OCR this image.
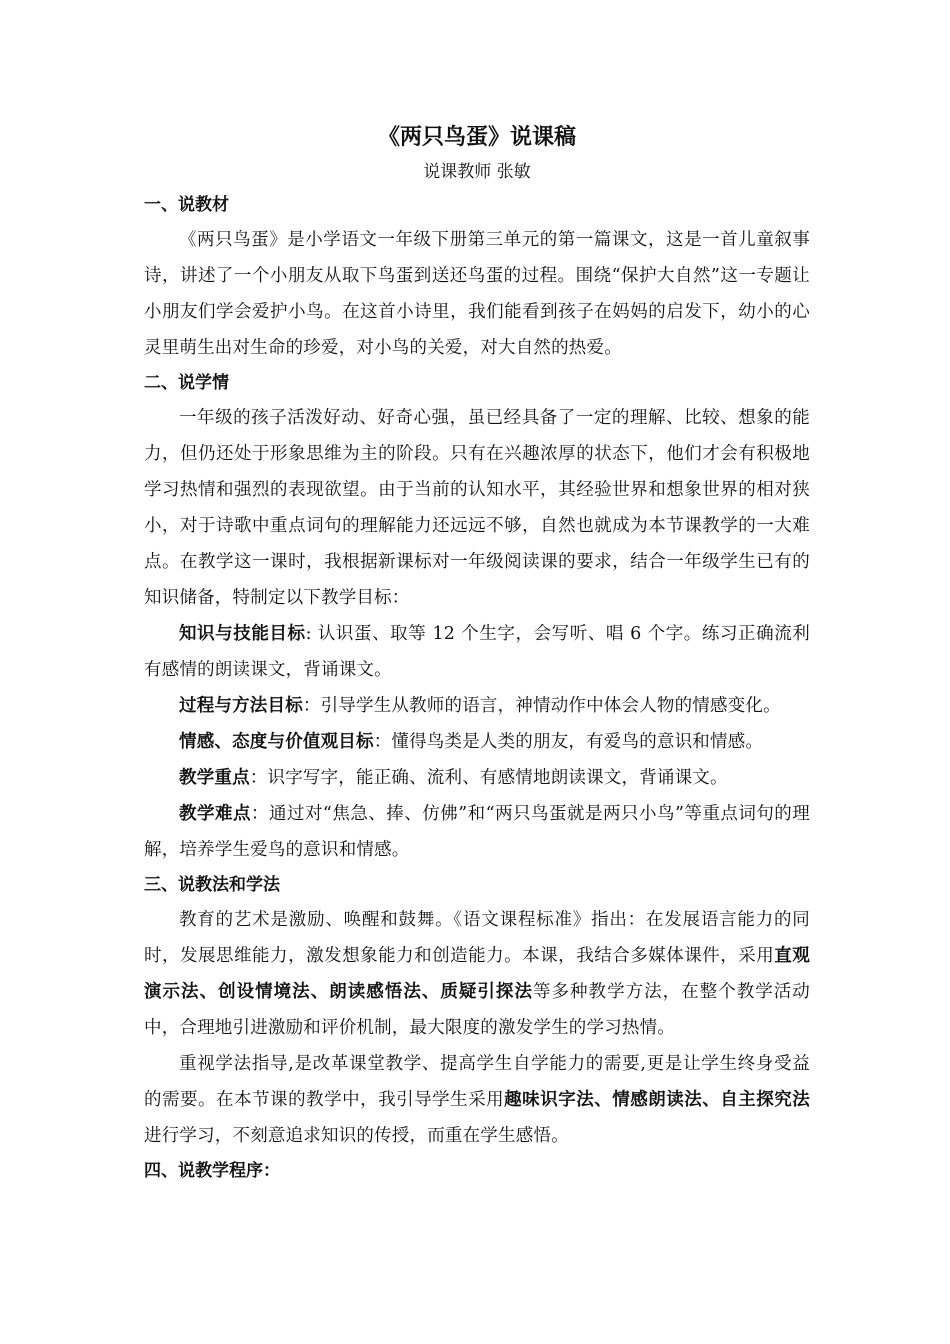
《两只鸟蛋》说课稿

说课教师 张敏

一、说教材

《两只鸟蛋》是小学语文一年级下册第三单元的第一篇课文，这是一首儿童叙事诗，讲述了一个小朋友从取下鸟蛋到送还鸟蛋的过程。围绕“保护大自然”这一专题让小朋友们学会爱护小鸟。在这首小诗里，我们能看到孩子在妈妈的启发下，幼小的心灵里萌生出对生命的珍爱，对小鸟的关爱，对大自然的热爱。

二、说学情

一年级的孩子活泼好动、好奇心强，虽已经具备了一定的理解、比较、想象的能力，但仍还处于形象思维为主的阶段。只有在兴趣浓厚的状态下，他们才会有积极地学习热情和强烈的表现欲望。由于当前的认知水平，其经验世界和想象世界的相对狭小，对于诗歌中重点词句的理解能力还远远不够，自然也就成为本节课教学的一大难点。在教学这一课时，我根据新课标对一年级阅读课的要求，结合一年级学生已有的知识储备，特制定以下教学目标：

知识与技能目标: 认识蛋、取等 12 个生字，会写听、唱 6 个字。练习正确流利有感情的朗读课文，背诵课文。

过程与方法目标：引导学生从教师的语言，神情动作中体会人物的情感变化。

情感、态度与价值观目标：懂得鸟类是人类的朋友，有爱鸟的意识和情感。

教学重点：识字写字，能正确、流利、有感情地朗读课文，背诵课文。

教学难点：通过对“焦急、捧、仿佛”和“两只鸟蛋就是两只小鸟”等重点词句的理解，培养学生爱鸟的意识和情感。

三、说教法和学法

教育的艺术是激励、唤醒和鼓舞。《语文课程标准》指出：在发展语言能力的同时，发展思维能力，激发想象能力和创造能力。本课，我结合多媒体课件，采用直观演示法、创设情境法、朗读感悟法、质疑引探法等多种教学方法，在整个教学活动中，合理地引进激励和评价机制，最大限度的激发学生的学习热情。

重视学法指导,是改革课堂教学、提高学生自学能力的需要,更是让学生终身受益的需要。在本节课的教学中，我引导学生采用趣味识字法、情感朗读法、自主探究法进行学习，不刻意追求知识的传授，而重在学生感悟。

四、说教学程序：
